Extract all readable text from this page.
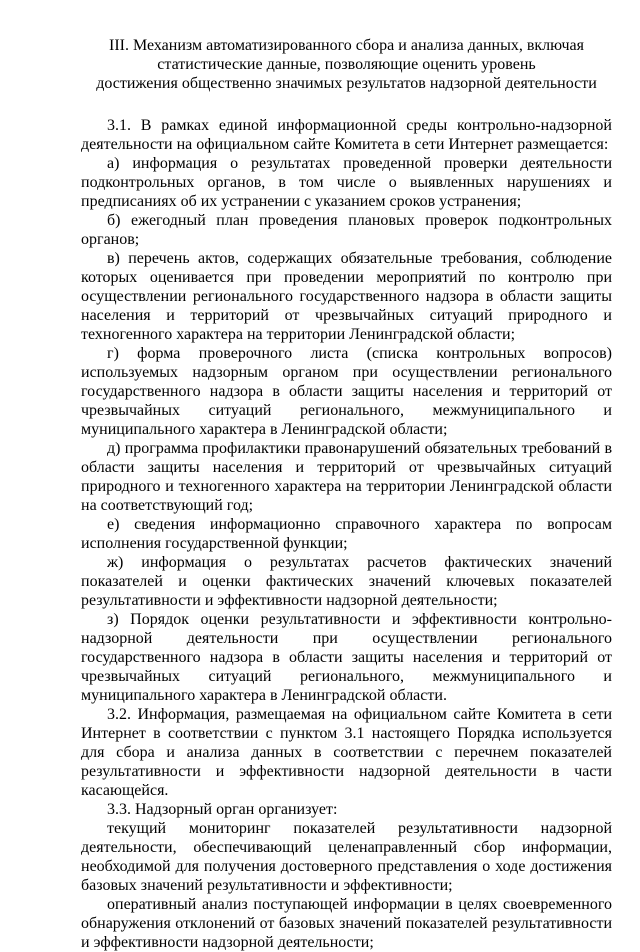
III. Механизм автоматизированного сбора и анализа данных, включая
статистические данные, позволяющие оценить уровень
достижения общественно значимых результатов надзорной деятельности

3.1. В рамках единой информационной среды контрольно-надзорной деятельности на официальном сайте Комитета в сети Интернет размещается:

а) информация о результатах проведенной проверки деятельности подконтрольных органов, в том числе о выявленных нарушениях и предписаниях об их устранении с указанием сроков устранения;

б) ежегодный план проведения плановых проверок подконтрольных органов;

в) перечень актов, содержащих обязательные требования, соблюдение которых оценивается при проведении мероприятий по контролю при осуществлении регионального государственного надзора в области защиты населения и территорий от чрезвычайных ситуаций природного и техногенного характера на территории Ленинградской области;

г) форма проверочного листа (списка контрольных вопросов) используемых надзорным органом при осуществлении регионального государственного надзора в области защиты населения и территорий от чрезвычайных ситуаций регионального, межмуниципального и муниципального характера в Ленинградской области;

д) программа профилактики правонарушений обязательных требований в области защиты населения и территорий от чрезвычайных ситуаций природного и техногенного характера на территории Ленинградской области на соответствующий год;

е) сведения информационно справочного характера по вопросам исполнения государственной функции;

ж) информация о результатах расчетов фактических значений показателей и оценки фактических значений ключевых показателей результативности и эффективности надзорной деятельности;

з) Порядок оценки результативности и эффективности контрольно-надзорной деятельности при осуществлении регионального государственного надзора в области защиты населения и территорий от чрезвычайных ситуаций регионального, межмуниципального и муниципального характера в Ленинградской области.

3.2. Информация, размещаемая на официальном сайте Комитета в сети Интернет в соответствии с пунктом 3.1 настоящего Порядка используется для сбора и анализа данных в соответствии с перечнем показателей результативности и эффективности надзорной деятельности в части касающейся.

3.3. Надзорный орган организует:

текущий мониторинг показателей результативности надзорной деятельности, обеспечивающий целенаправленный сбор информации, необходимой для получения достоверного представления о ходе достижения базовых значений результативности и эффективности;

оперативный анализ поступающей информации в целях своевременного обнаружения отклонений от базовых значений показателей результативности и эффективности надзорной деятельности;
